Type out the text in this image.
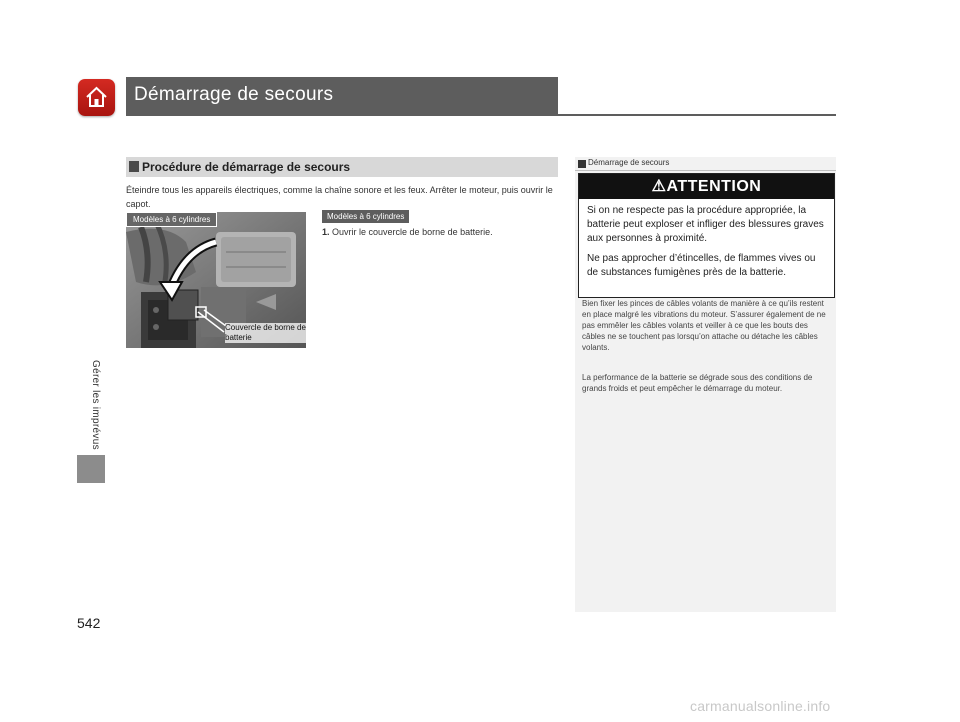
Démarrage de secours
Gérer les imprévus
542
Procédure de démarrage de secours
Éteindre tous les appareils électriques, comme la chaîne sonore et les feux. Arrêter le moteur, puis ouvrir le capot.
Modèles à 6 cylindres
Couvercle de borne de batterie
Modèles à 6 cylindres
1. Ouvrir le couvercle de borne de batterie.
Démarrage de secours
⚠ATTENTION
Si on ne respecte pas la procédure appropriée, la batterie peut exploser et infliger des blessures graves aux personnes à proximité.
Ne pas approcher d’étincelles, de flammes vives ou de substances fumigènes près de la batterie.
Bien fixer les pinces de câbles volants de manière à ce qu’ils restent en place malgré les vibrations du moteur. S’assurer également de ne pas emmêler les câbles volants et veiller à ce que les bouts des câbles ne se touchent pas lorsqu’on attache ou détache les câbles volants.
La performance de la batterie se dégrade sous des conditions de grands froids et peut empêcher le démarrage du moteur.
carmanualsonline.info
